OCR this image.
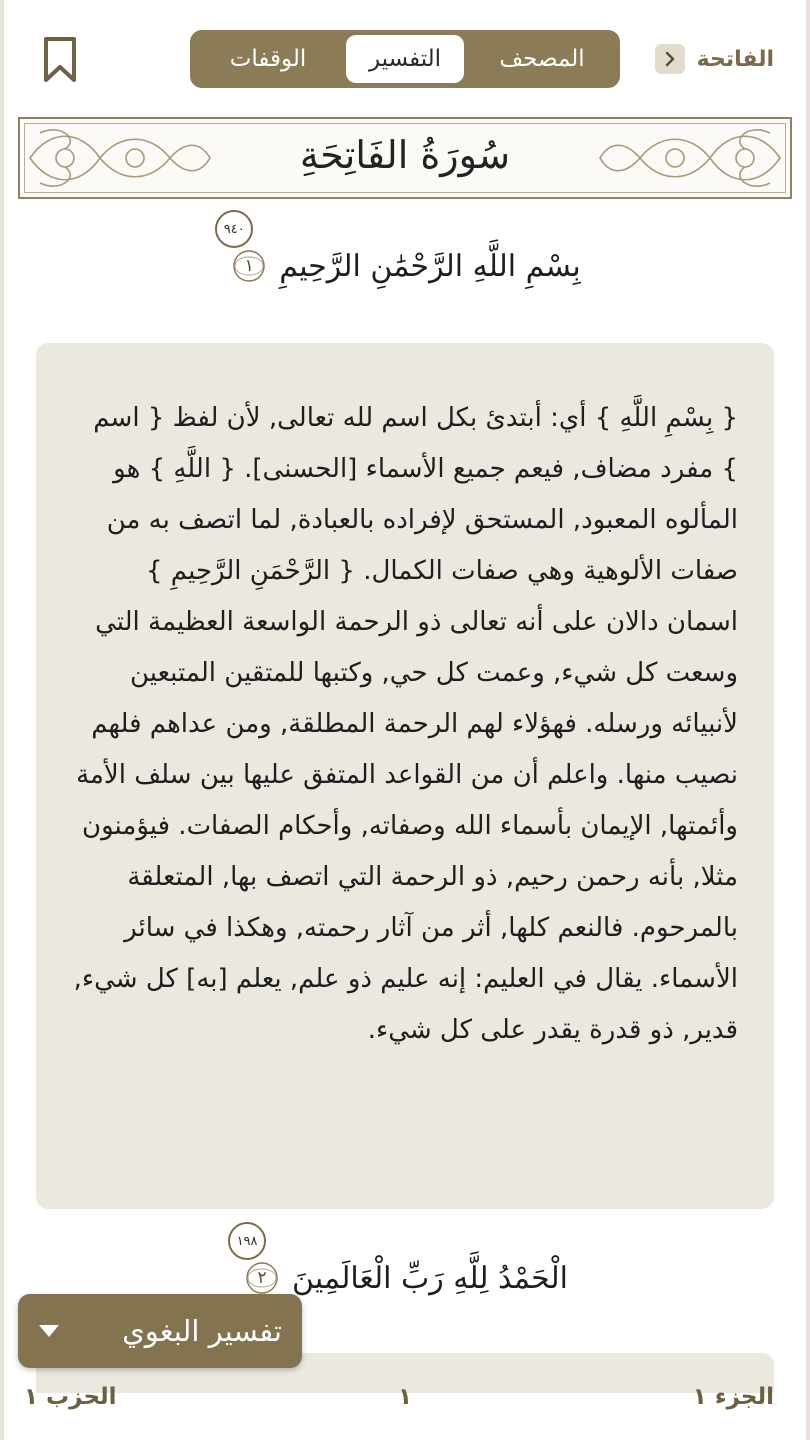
المصحف
التفسير
الوقفات	الفاتحة
سُورَةُ الفَاتِحَةِ
بِسْمِ اللَّهِ الرَّحْمَٰنِ الرَّحِيمِ
١
٩٤٠

{ بِسْمِ اللَّهِ } أي: أبتدئ بكل اسم لله تعالى, لأن لفظ { اسم } مفرد مضاف, فيعم جميع الأسماء [الحسنى]. { اللَّهِ } هو المألوه المعبود, المستحق لإفراده بالعبادة, لما اتصف به من صفات الألوهية وهي صفات الكمال. { الرَّحْمَنِ الرَّحِيمِ } اسمان دالان على أنه تعالى ذو الرحمة الواسعة العظيمة التي وسعت كل شيء, وعمت كل حي, وكتبها للمتقين المتبعين لأنبيائه ورسله. فهؤلاء لهم الرحمة المطلقة, ومن عداهم فلهم نصيب منها. واعلم أن من القواعد المتفق عليها بين سلف الأمة وأئمتها, الإيمان بأسماء الله وصفاته, وأحكام الصفات. فيؤمنون مثلا, بأنه رحمن رحيم, ذو الرحمة التي اتصف بها, المتعلقة بالمرحوم. فالنعم كلها, أثر من آثار رحمته, وهكذا في سائر الأسماء. يقال في العليم: إنه عليم ذو علم, يعلم [به] كل شيء, قدير, ذو قدرة يقدر على كل شيء.

الْحَمْدُ لِلَّهِ رَبِّ الْعَالَمِينَ
٢
١٩٨
تفسير البغوي
الجزء ١
١
الحزب ١
